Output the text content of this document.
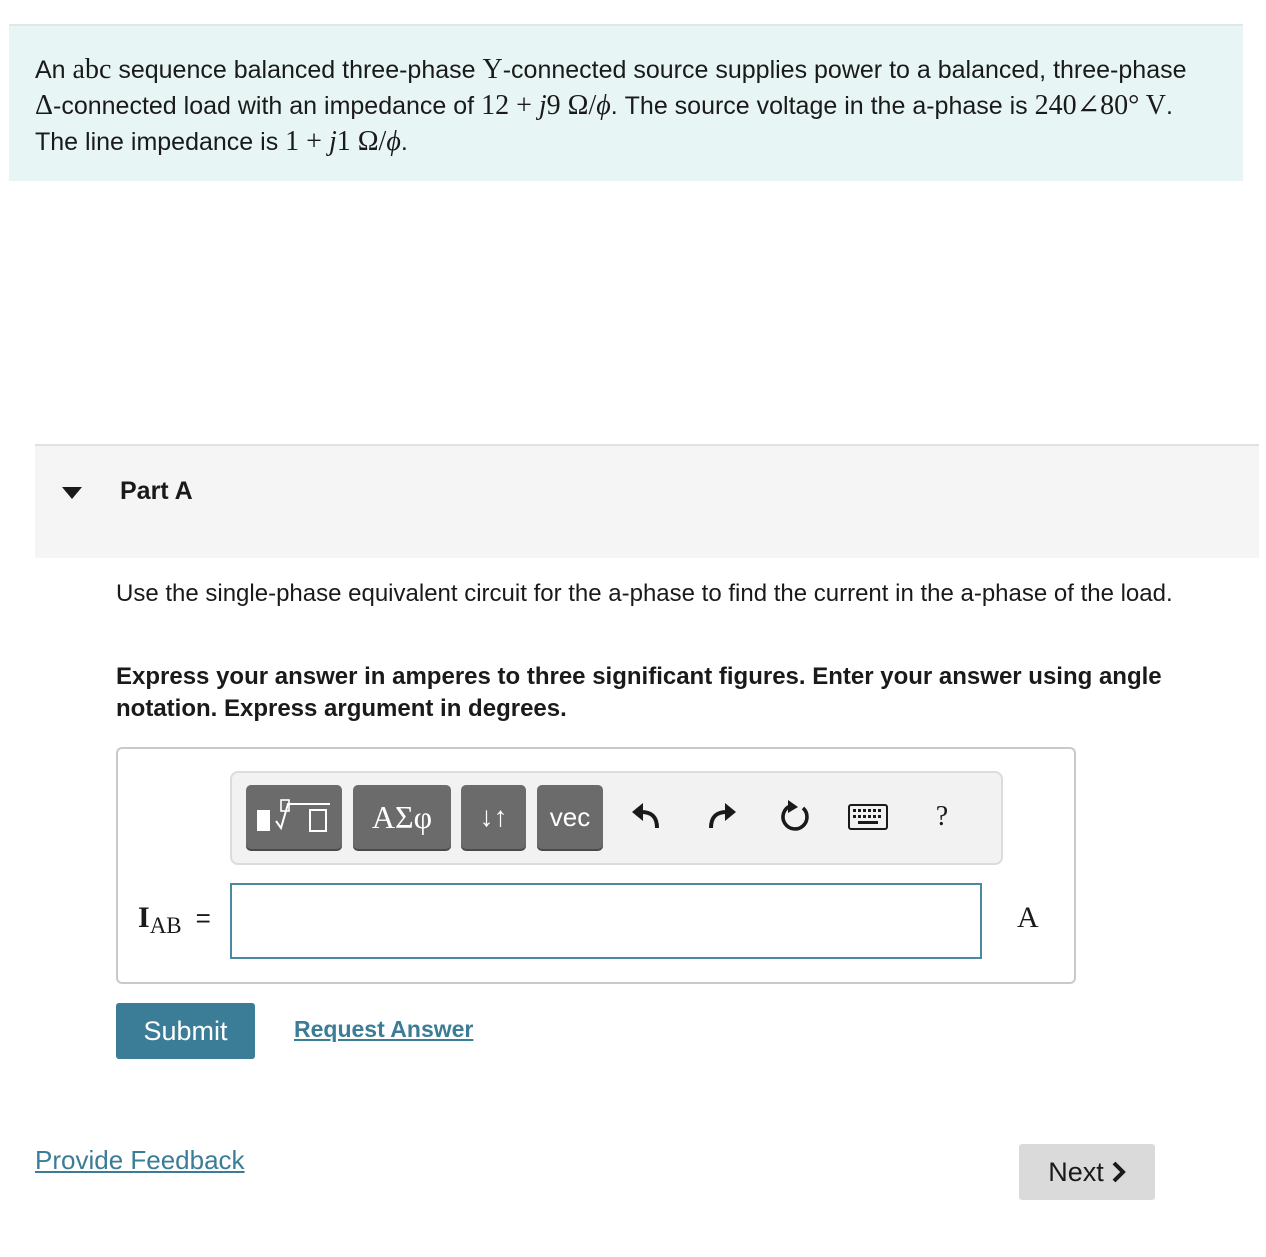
An abc sequence balanced three-phase Y-connected source supplies power to a balanced, three-phase Δ-connected load with an impedance of 12 + j9 Ω/ϕ. The source voltage in the a-phase is 240∠80° V. The line impedance is 1 + j1 Ω/ϕ.

Part A

Use the single-phase equivalent circuit for the a-phase to find the current in the a-phase of the load.

Express your answer in amperes to three significant figures. Enter your answer using angle notation. Express argument in degrees.

ΑΣφ	↓↑	vec	?
$I_{AB}$ =	A
Submit	Request Answer
Provide Feedback	Next
